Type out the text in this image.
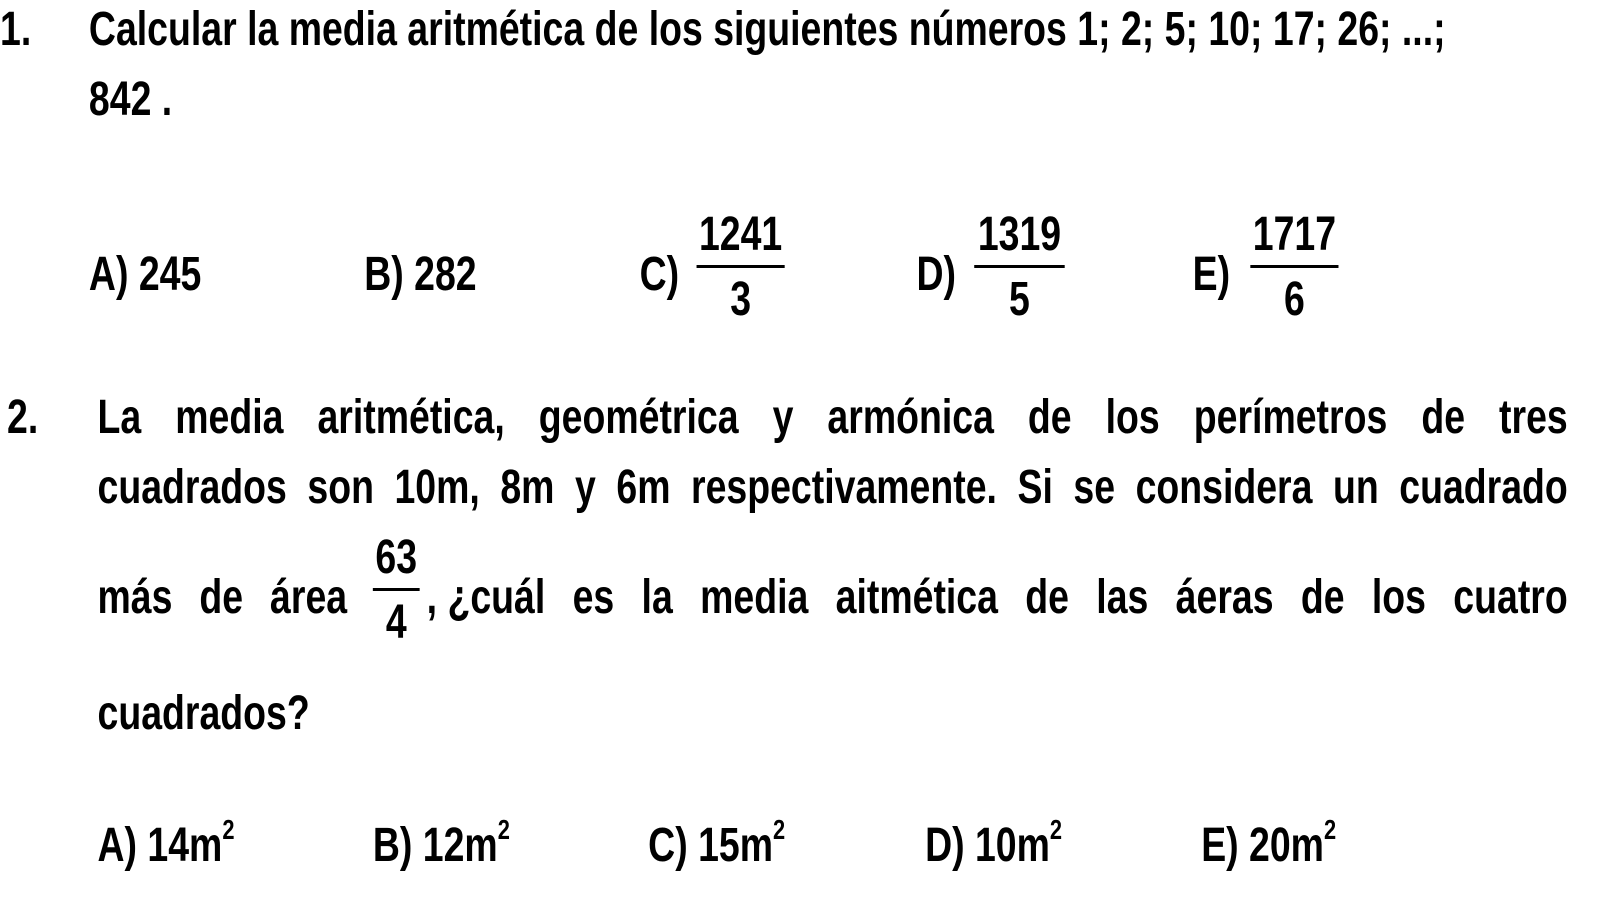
1. Calcular la media aritmética de los siguientes números 1; 2; 5; 10; 17; 26; ...;
842 .
A) 245	B) 282	C)
1241
3	D)
1319
5	E)
1717
6
2. La media aritmética, geométrica y armónica de los perímetros de tres
cuadrados son 10m, 8m y 6m respectivamente. Si se considera un cuadrado
más de área
63
4 , ¿cuál es la media aitmética de las áeras de los cuatro
cuadrados?
A) $14m^2$	B) $12m^2$	C) $15m^2$	D) $10m^2$	E) $20m^2$
